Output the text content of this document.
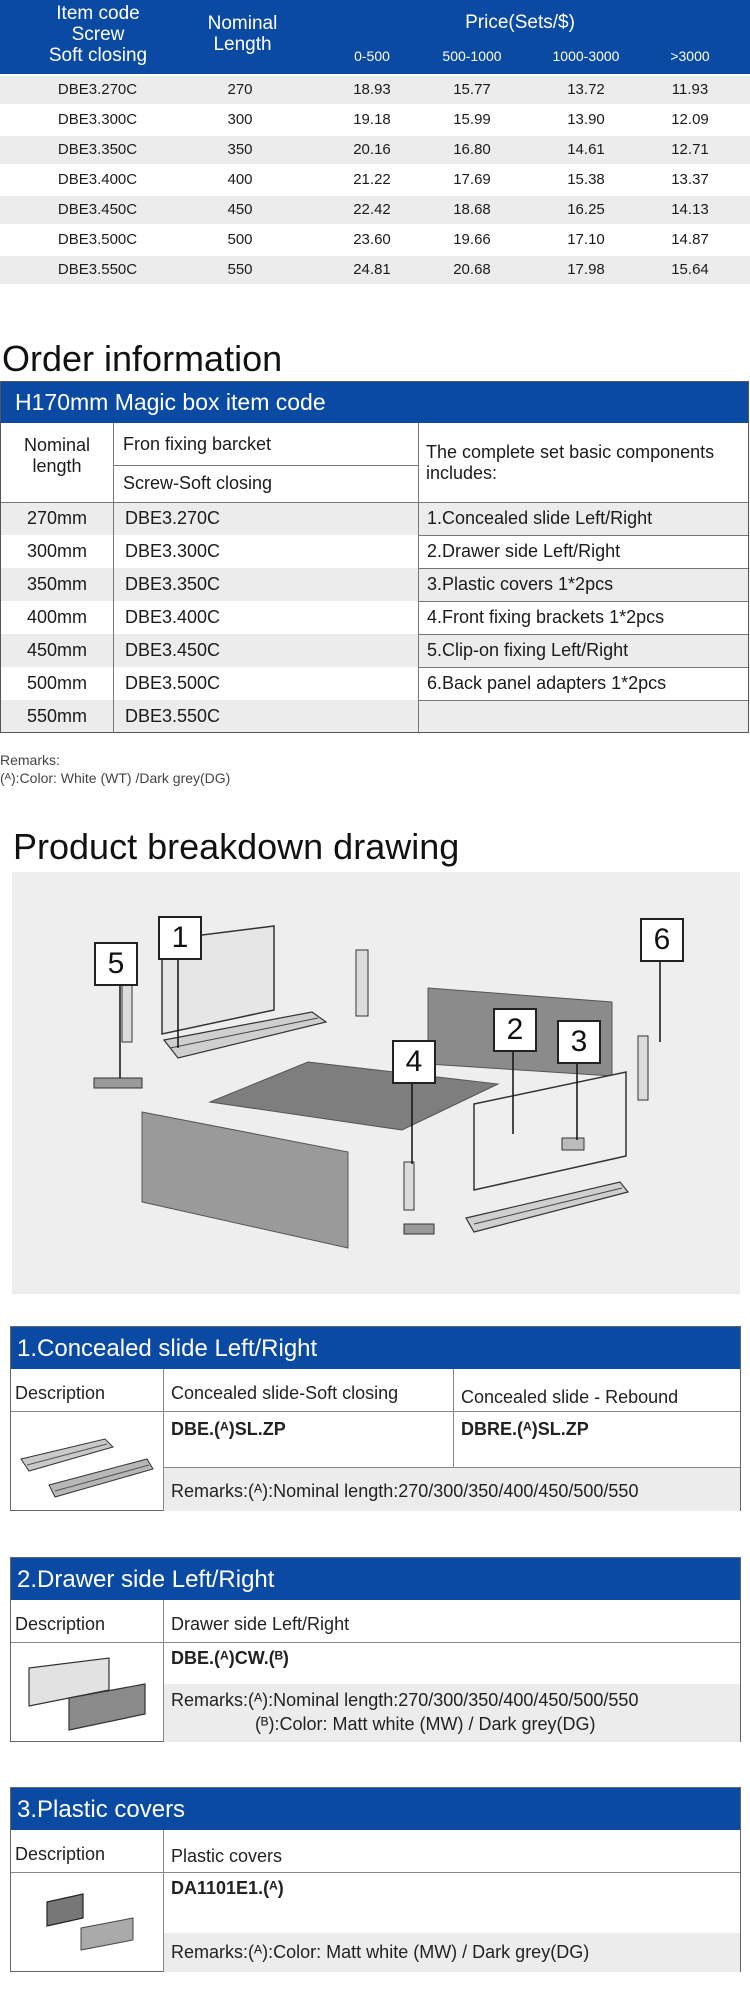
Item code
Screw
Soft closing
Nominal
Length
Price(Sets/$)
0-500	500-1000	1000-3000	>3000
DBE3.270C	270	18.93	15.77	13.72	11.93
DBE3.300C	300	19.18	15.99	13.90	12.09
DBE3.350C	350	20.16	16.80	14.61	12.71
DBE3.400C	400	21.22	17.69	15.38	13.37
DBE3.450C	450	22.42	18.68	16.25	14.13
DBE3.500C	500	23.60	19.66	17.10	14.87
DBE3.550C	550	24.81	20.68	17.98	15.64
Order information
H170mm Magic box item code
Nominal
length
Fron fixing barcket
Screw-Soft closing
The complete set basic components
includes:
270mm	DBE3.270C	1.Concealed slide Left/Right
300mm	DBE3.300C	2.Drawer side Left/Right
350mm	DBE3.350C	3.Plastic covers 1*2pcs
400mm	DBE3.400C	4.Front fixing brackets 1*2pcs
450mm	DBE3.450C	5.Clip-on fixing Left/Right
500mm	DBE3.500C	6.Back panel adapters 1*2pcs
550mm	DBE3.550C
Remarks:
(ᴬ):Color: White (WT) /Dark grey(DG)
Product breakdown drawing
1
2	3
4
5
6
1.Concealed slide Left/Right
Description	Concealed slide-Soft closing	Concealed slide - Rebound
DBE.(ᴬ)SL.ZP	DBRE.(ᴬ)SL.ZP
Remarks:(ᴬ):Nominal length:270/300/350/400/450/500/550
2.Drawer side Left/Right
Description	Drawer side Left/Right
DBE.(ᴬ)CW.(ᴮ)
Remarks:(ᴬ):Nominal length:270/300/350/400/450/500/550
(ᴮ):Color: Matt white (MW) / Dark grey(DG)
3.Plastic covers
Description	Plastic covers
DA1101E1.(ᴬ)
Remarks:(ᴬ):Color: Matt white (MW) / Dark grey(DG)
